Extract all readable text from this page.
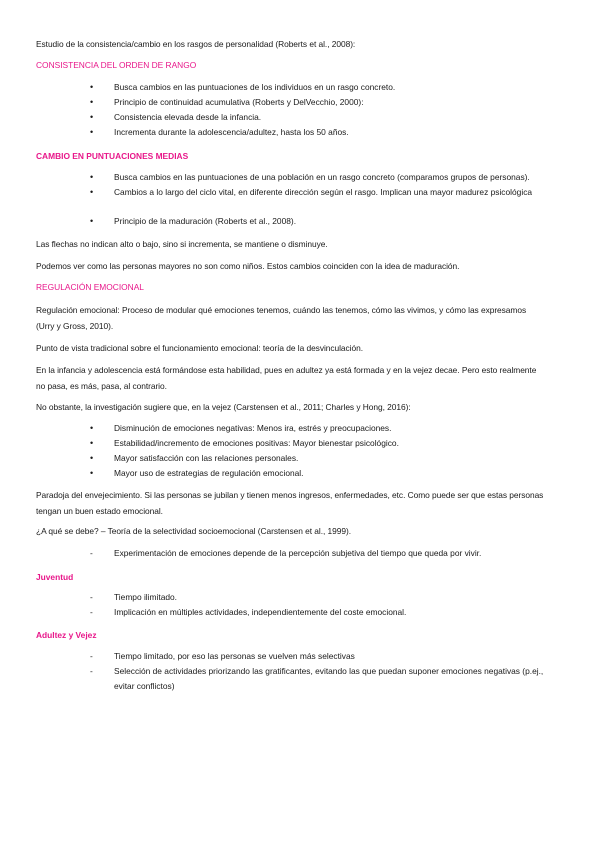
Estudio de la consistencia/cambio en los rasgos de personalidad (Roberts et al., 2008):
CONSISTENCIA DEL ORDEN DE RANGO
•
Busca cambios en las puntuaciones de los individuos en un rasgo concreto.
•
Principio de continuidad acumulativa (Roberts y DelVecchio, 2000):
•
Consistencia elevada desde la infancia.
•
Incrementa durante la adolescencia/adultez, hasta los 50 años.
CAMBIO EN PUNTUACIONES MEDIAS
•
Busca cambios en las puntuaciones de una población en un rasgo concreto (comparamos grupos de personas).
•
Cambios a lo largo del ciclo vital, en diferente dirección según el rasgo. Implican una mayor madurez psicológica
•
Principio de la maduración (Roberts et al., 2008).
Las flechas no indican alto o bajo, sino si incrementa, se mantiene o disminuye.
Podemos ver como las personas mayores no son como niños. Estos cambios coinciden con la idea de maduración.
REGULACIÓN EMOCIONAL
Regulación emocional: Proceso de modular qué emociones tenemos, cuándo las tenemos, cómo las vivimos, y cómo las expresamos (Urry y Gross, 2010).
Punto de vista tradicional sobre el funcionamiento emocional: teoría de la desvinculación.
En la infancia y adolescencia está formándose esta habilidad, pues en adultez ya está formada y en la vejez decae. Pero esto realmente no pasa, es más, pasa, al contrario.
No obstante, la investigación sugiere que, en la vejez (Carstensen et al., 2011; Charles y Hong, 2016):
•
Disminución de emociones negativas: Menos ira, estrés y preocupaciones.
•
Estabilidad/incremento de emociones positivas: Mayor bienestar psicológico.
•
Mayor satisfacción con las relaciones personales.
•
Mayor uso de estrategias de regulación emocional.
Paradoja del envejecimiento. Si las personas se jubilan y tienen menos ingresos, enfermedades, etc. Como puede ser que estas personas tengan un buen estado emocional.
¿A qué se debe? – Teoría de la selectividad socioemocional (Carstensen et al., 1999).
-	Experimentación de emociones depende de la percepción subjetiva del tiempo que queda por vivir.
Juventud
-	Tiempo ilimitado.
-	Implicación en múltiples actividades, independientemente del coste emocional.
Adultez y Vejez
-	Tiempo limitado, por eso las personas se vuelven más selectivas
-	Selección de actividades priorizando las gratificantes, evitando las que puedan suponer emociones negativas (p.ej., evitar conflictos)
